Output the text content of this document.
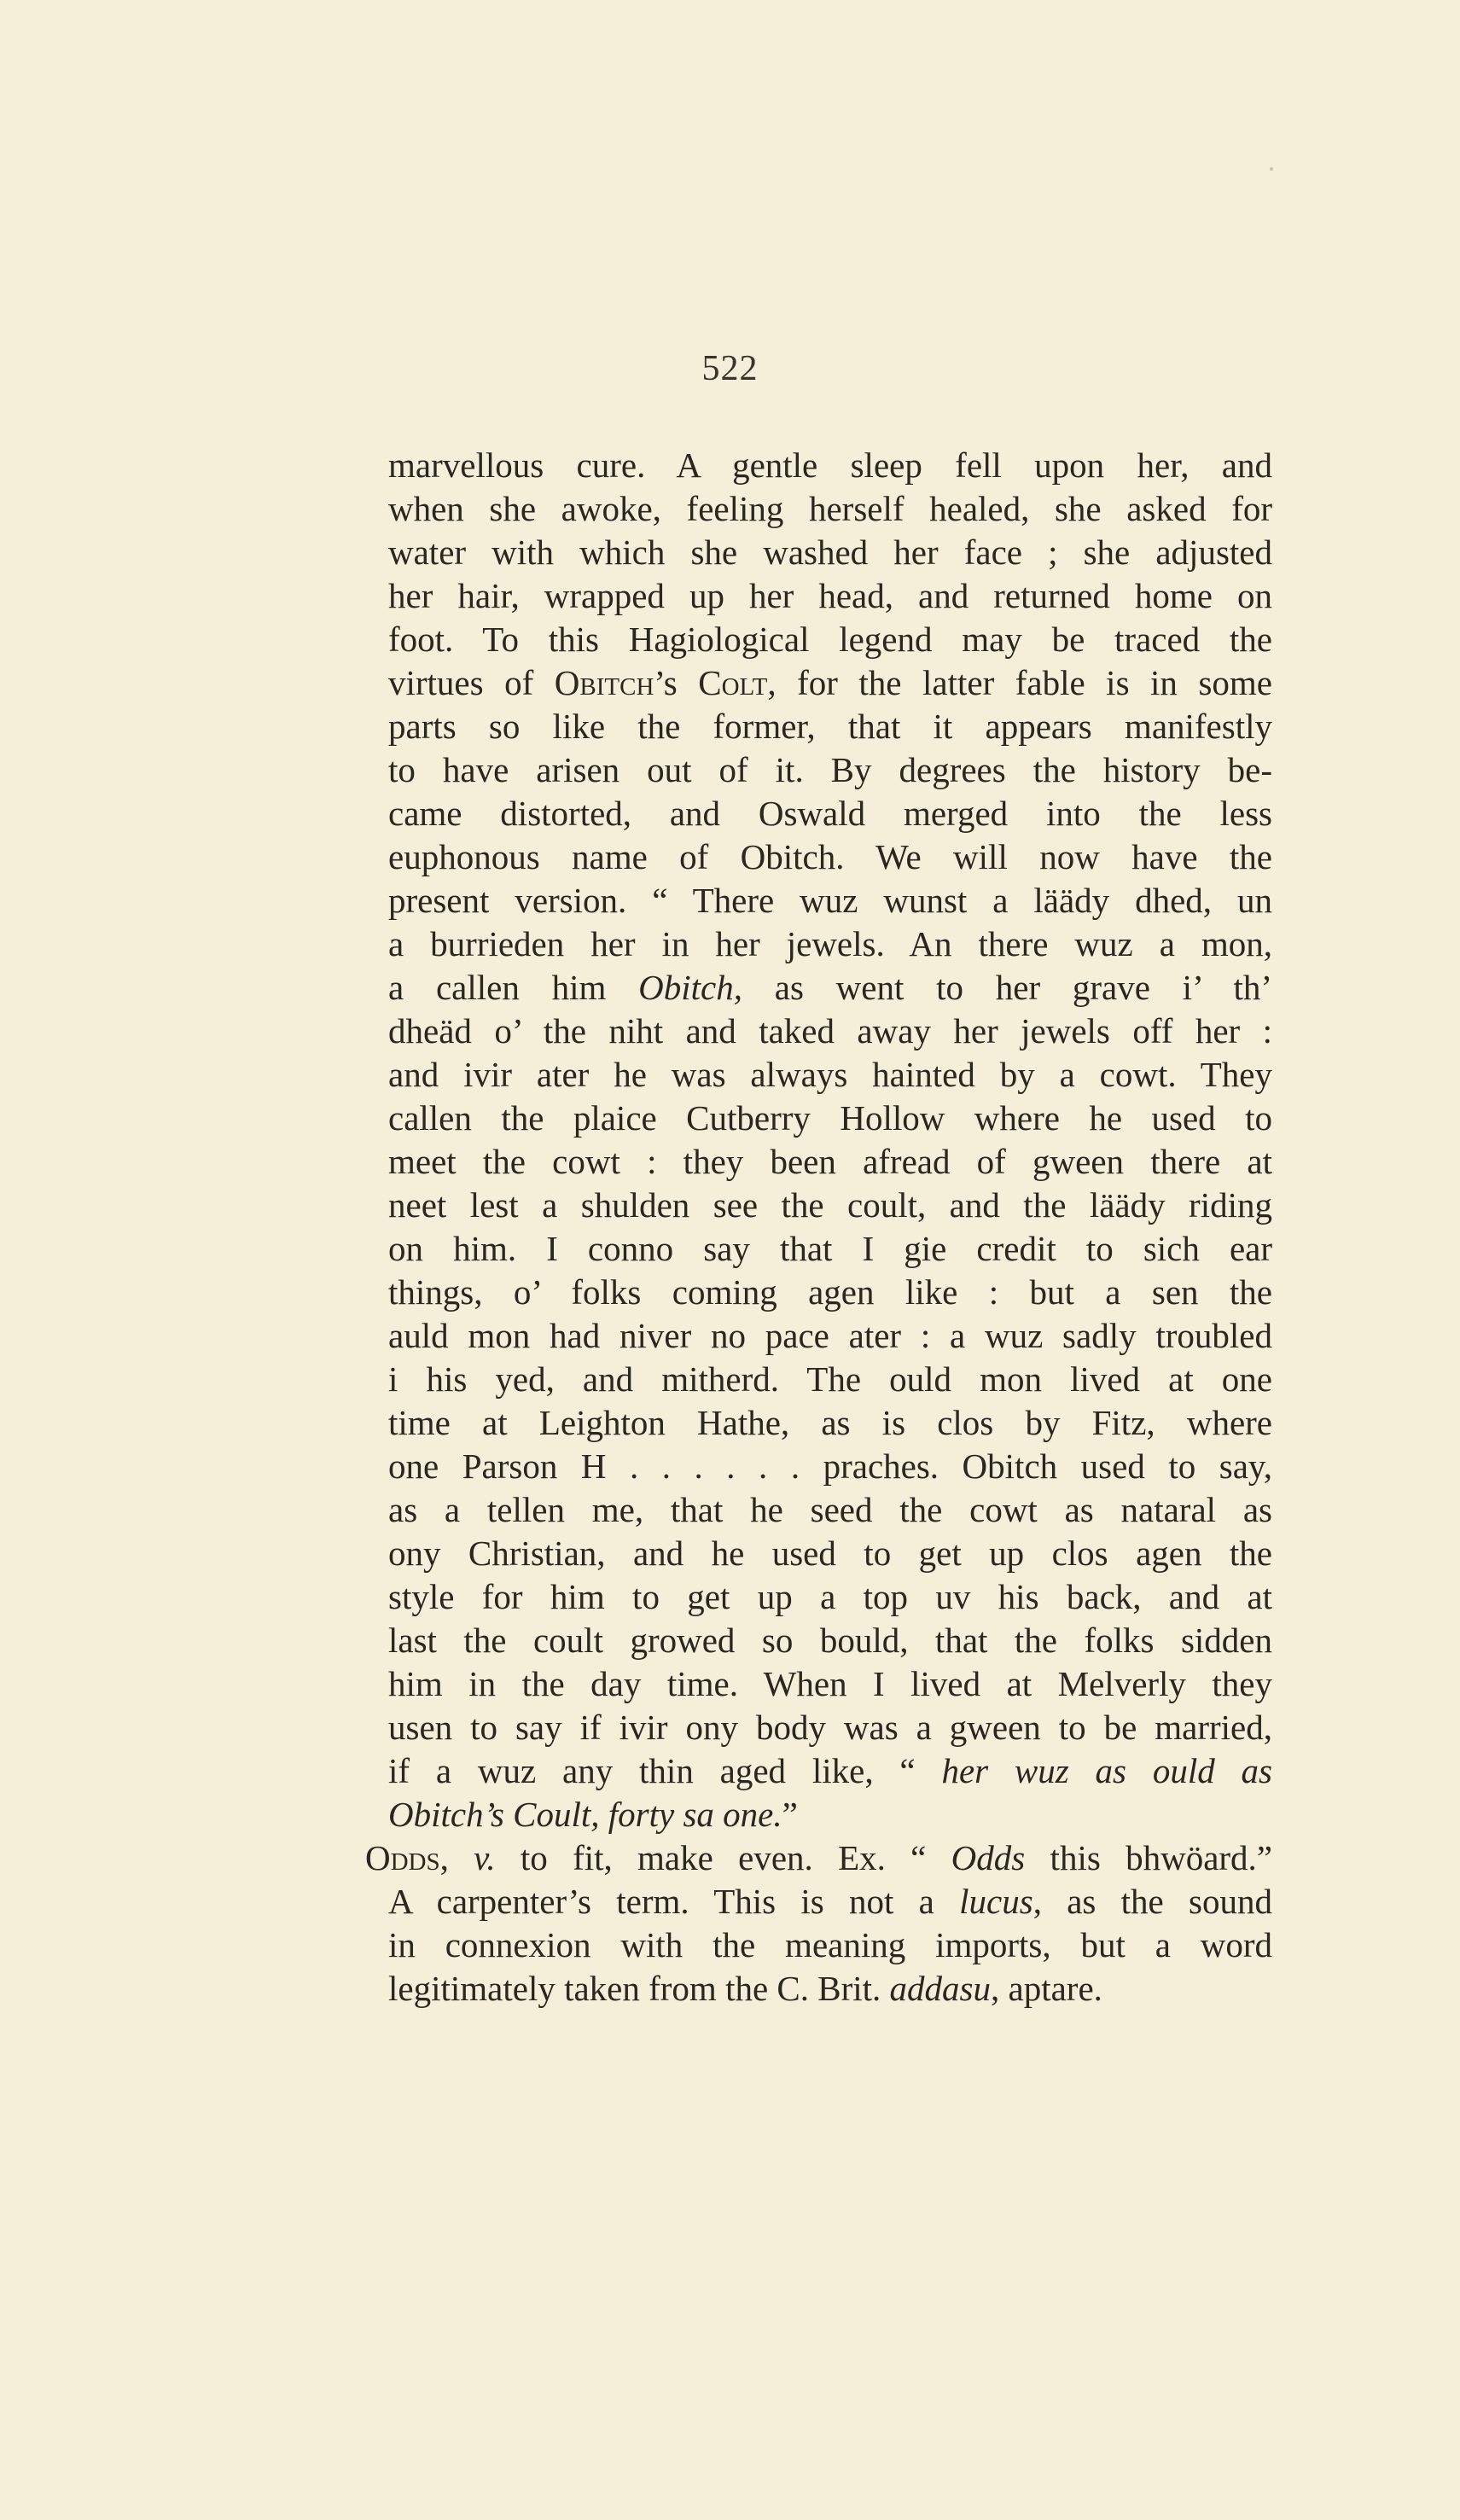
522
marvellous cure. A gentle sleep fell upon her, and
when she awoke, feeling herself healed, she asked for
water with which she washed her face ; she adjusted
her hair, wrapped up her head, and returned home on
foot. To this Hagiological legend may be traced the
virtues of Obitch’s Colt, for the latter fable is in some
parts so like the former, that it appears manifestly
to have arisen out of it. By degrees the history be-
came distorted, and Oswald merged into the less
euphonous name of Obitch. We will now have the
present version. “ There wuz wunst a läädy dhed, un
a burrieden her in her jewels. An there wuz a mon,
a callen him Obitch, as went to her grave i’ th’
dheäd o’ the niht and taked away her jewels off her :
and ivir ater he was always hainted by a cowt. They
callen the plaice Cutberry Hollow where he used to
meet the cowt : they been afread of gween there at
neet lest a shulden see the coult, and the läädy riding
on him. I conno say that I gie credit to sich ear
things, o’ folks coming agen like : but a sen the
auld mon had niver no pace ater : a wuz sadly troubled
i his yed, and mitherd. The ould mon lived at one
time at Leighton Hathe, as is clos by Fitz, where
one Parson H . . . . . . praches. Obitch used to say,
as a tellen me, that he seed the cowt as nataral as
ony Christian, and he used to get up clos agen the
style for him to get up a top uv his back, and at
last the coult growed so bould, that the folks sidden
him in the day time. When I lived at Melverly they
usen to say if ivir ony body was a gween to be married,
if a wuz any thin aged like, “ her wuz as ould as
Obitch’s Coult, forty sa one.”
Odds, v. to fit, make even. Ex. “ Odds this bhwöard.”
A carpenter’s term. This is not a lucus, as the sound
in connexion with the meaning imports, but a word
legitimately taken from the C. Brit. addasu, aptare.
